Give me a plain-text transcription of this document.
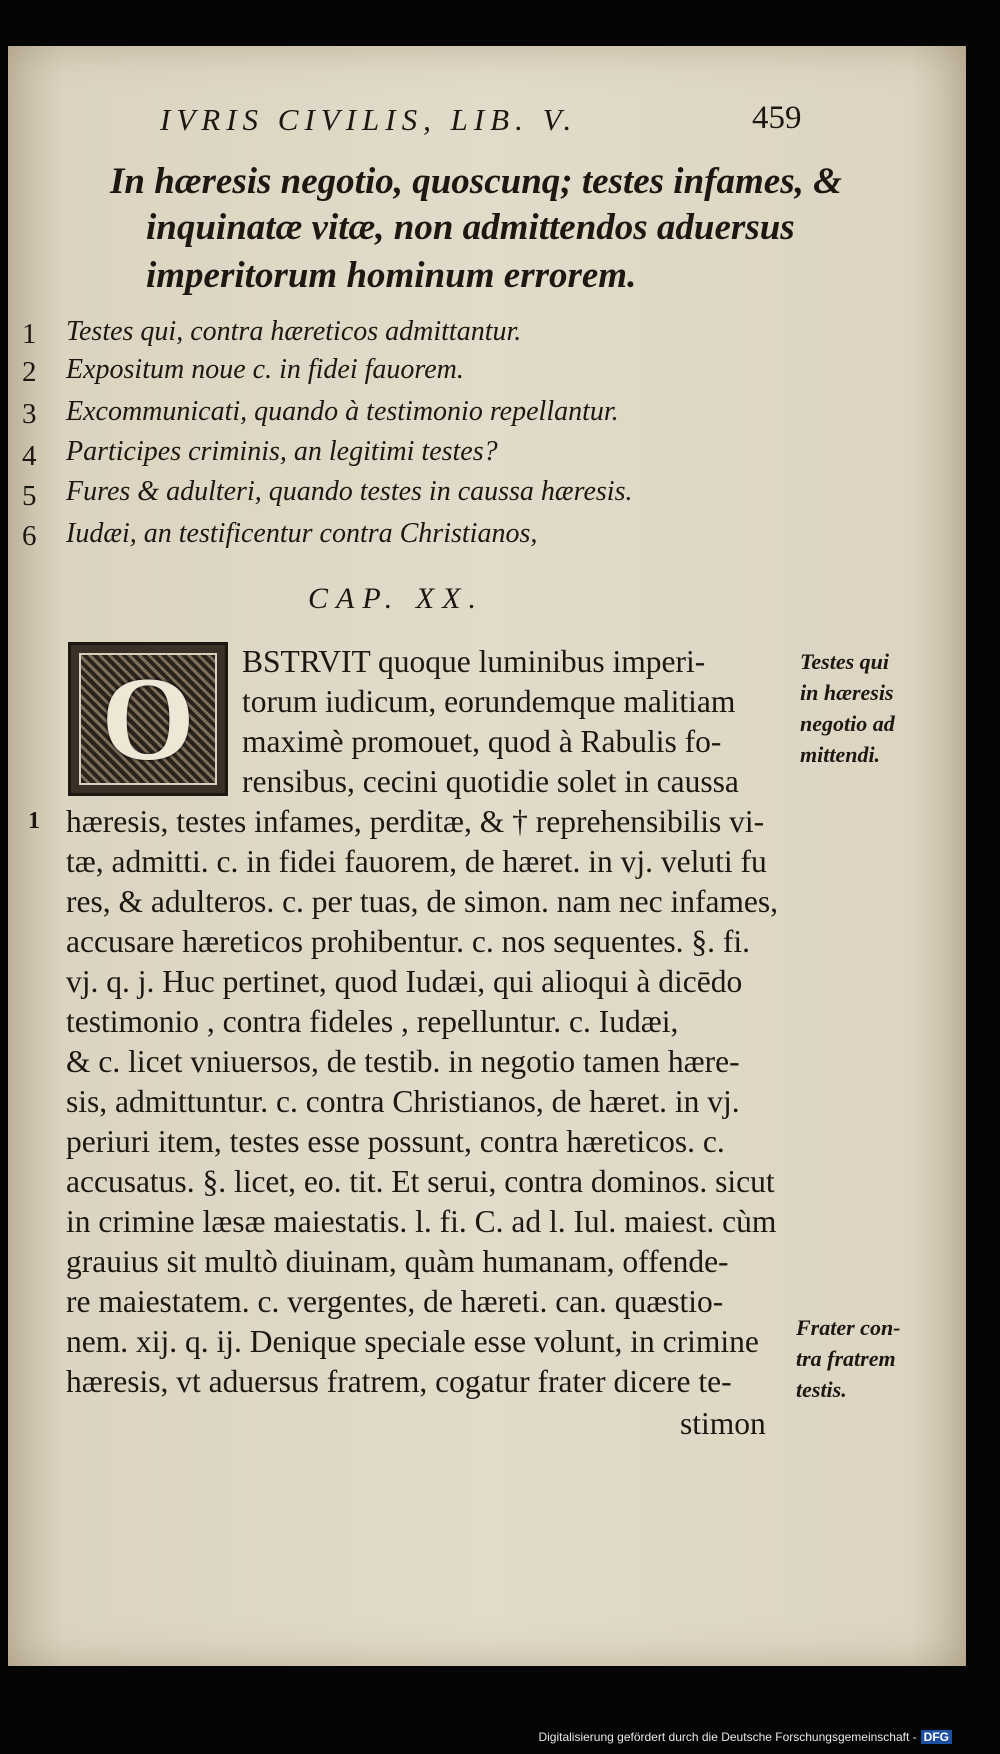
IVRIS CIVILIS, LIB. V.	459
In hæresis negotio, quoscunq; testes infames, &
inquinatæ vitæ, non admittendos aduersus
imperitorum hominum errorem.
1 Testes qui, contra hæreticos admittantur.
2 Expositum noue c. in fidei fauorem.
3 Excommunicati, quando à testimonio repellantur.
4 Participes criminis, an legitimi testes?
5 Fures & adulteri, quando testes in caussa hæresis.
6 Iudæi, an testificentur contra Christianos,
CAP. XX.
O	BSTRVIT quoque luminibus imperi-
torum iudicum, eorundemque malitiam
maximè promouet, quod à Rabulis fo-
rensibus, cecini quotidie solet in caussa
1 hæresis, testes infames, perditæ, & † reprehensibilis vi-
tæ, admitti. c. in fidei fauorem, de hæret. in vj. veluti fu
res, & adulteros. c. per tuas, de simon. nam nec infames,
accusare hæreticos prohibentur. c. nos sequentes. §. fi.
vj. q. j. Huc pertinet, quod Iudæi, qui alioqui à dicēdo
testimonio , contra fideles , repelluntur. c. Iudæi,
& c. licet vniuersos, de testib. in negotio tamen hære-
sis, admittuntur. c. contra Christianos, de hæret. in vj.
periuri item, testes esse possunt, contra hæreticos. c.
accusatus. §. licet, eo. tit. Et serui, contra dominos. sicut
in crimine læsæ maiestatis. l. fi. C. ad l. Iul. maiest. cùm
grauius sit multò diuinam, quàm humanam, offende-
re maiestatem. c. vergentes, de hæreti. can. quæstio-
nem. xij. q. ij. Denique speciale esse volunt, in crimine
hæresis, vt aduersus fratrem, cogatur frater dicere te-
stimon
Testes qui
in hæresis
negotio ad
mittendi.
Frater con-
tra fratrem
testis.
Digitalisierung gefördert durch die Deutsche Forschungsgemeinschaft - DFG
